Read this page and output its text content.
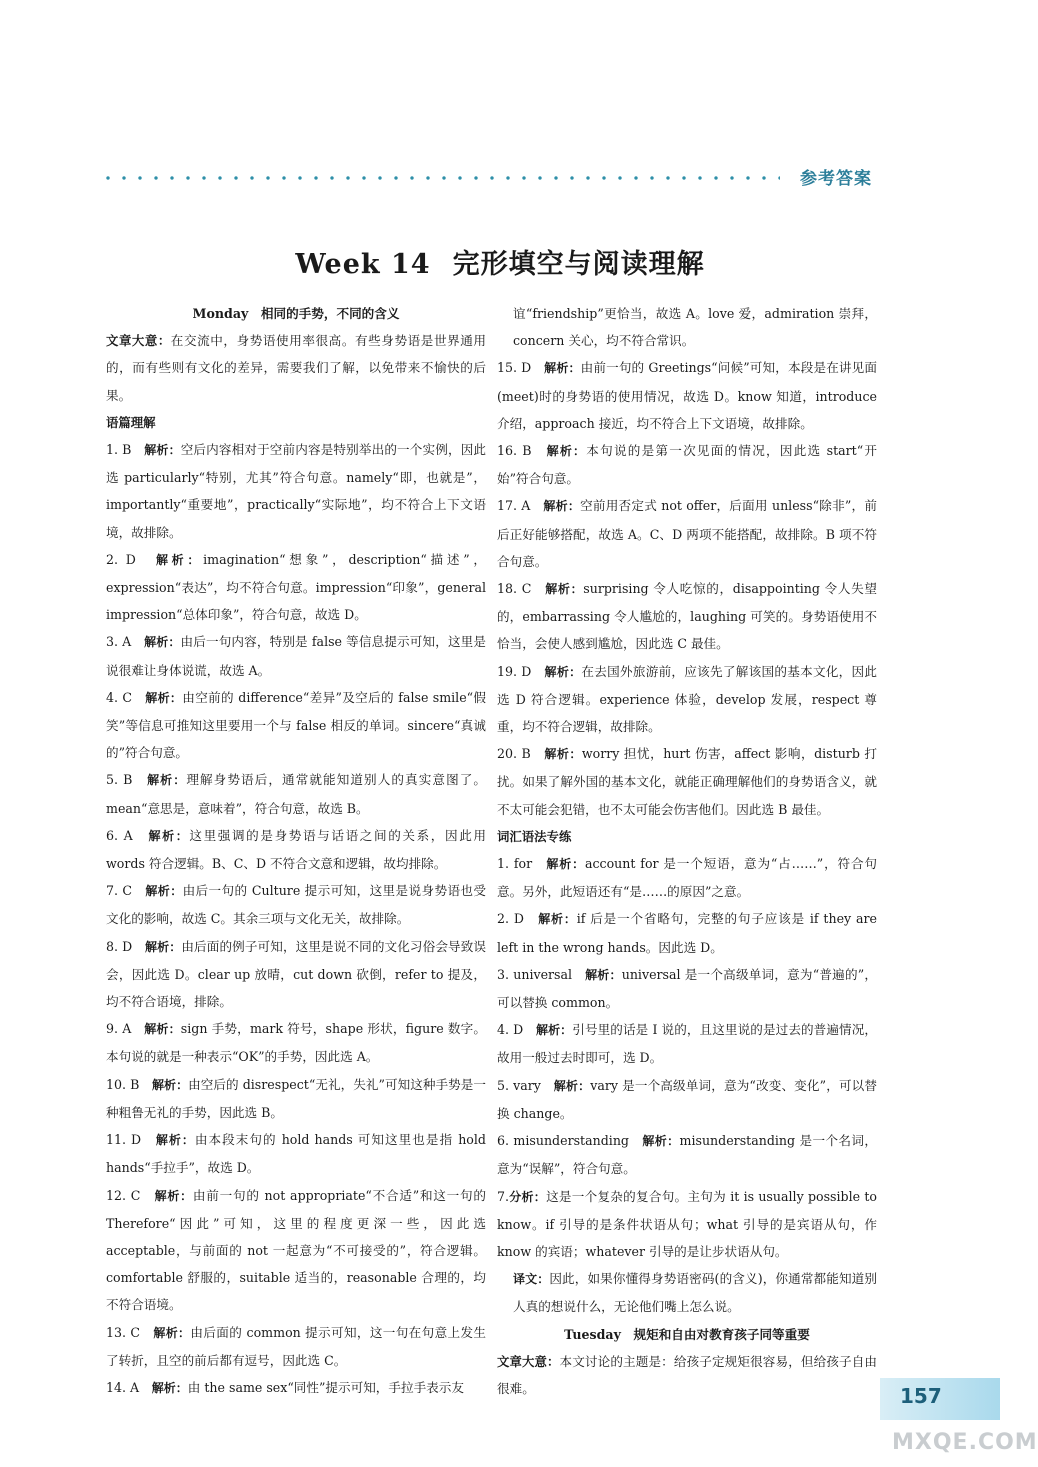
参考答案
Week 14 完形填空与阅读理解
Monday　相同的手势，不同的含义
文章大意：在交流中，身势语使用率很高。有些身势语是世界通用的，而有些则有文化的差异，需要我们了解，以免带来不愉快的后果。
语篇理解
1. B　 解析：空后内容相对于空前内容是特别举出的一个实例，因此选 particularly“特别，尤其”符合句意。namely“即，也就是”，importantly“重要地”，practically“实际地”，均不符合上下文语境，故排除。
2. D　 解析：imagination“想象”，description“描述”，expression“表达”，均不符合句意。impression“印象”，general impression“总体印象”，符合句意，故选 D。
3. A　 解析：由后一句内容，特别是 false 等信息提示可知，这里是说很难让身体说谎，故选 A。
4. C　 解析：由空前的 difference“差异”及空后的 false smile“假笑”等信息可推知这里要用一个与 false 相反的单词。sincere“真诚的”符合句意。
5. B　 解析：理解身势语后，通常就能知道别人的真实意图了。mean“意思是，意味着”，符合句意，故选 B。
6. A　 解析：这里强调的是身势语与话语之间的关系，因此用 words 符合逻辑。B、C、D 不符合文意和逻辑，故均排除。
7. C　 解析：由后一句的 Culture 提示可知，这里是说身势语也受文化的影响，故选 C。其余三项与文化无关，故排除。
8. D　 解析：由后面的例子可知，这里是说不同的文化习俗会导致误会，因此选 D。clear up 放晴，cut down 砍倒，refer to 提及，均不符合语境，排除。
9. A　 解析：sign 手势，mark 符号，shape 形状，figure 数字。本句说的就是一种表示“OK”的手势，因此选 A。
10. B　 解析：由空后的 disrespect“无礼，失礼”可知这种手势是一种粗鲁无礼的手势，因此选 B。
11. D　 解析：由本段末句的 hold hands 可知这里也是指 hold hands“手拉手”，故选 D。
12. C　 解析：由前一句的 not appropriate“不合适”和这一句的 Therefore“因此”可知，这里的程度更深一些，因此选 acceptable，与前面的 not 一起意为“不可接受的”，符合逻辑。comfortable 舒服的，suitable 适当的，reasonable 合理的，均不符合语境。
13. C　 解析：由后面的 common 提示可知，这一句在句意上发生了转折，且空的前后都有逗号，因此选 C。
14. A　 解析：由 the same sex“同性”提示可知，手拉手表示友
谊“friendship”更恰当，故选 A。love 爱，admiration 崇拜，concern 关心，均不符合常识。
15. D　 解析：由前一句的 Greetings“问候”可知，本段是在讲见面(meet)时的身势语的使用情况，故选 D。know 知道，introduce 介绍，approach 接近，均不符合上下文语境，故排除。
16. B　 解析：本句说的是第一次见面的情况，因此选 start“开始”符合句意。
17. A　 解析：空前用否定式 not offer，后面用 unless“除非”，前后正好能够搭配，故选 A。C、D 两项不能搭配，故排除。B 项不符合句意。
18. C　 解析：surprising 令人吃惊的，disappointing 令人失望的，embarrassing 令人尴尬的，laughing 可笑的。身势语使用不恰当，会使人感到尴尬，因此选 C 最佳。
19. D　 解析：在去国外旅游前，应该先了解该国的基本文化，因此选 D 符合逻辑。experience 体验，develop 发展，respect 尊重，均不符合逻辑，故排除。
20. B　 解析：worry 担忧，hurt 伤害，affect 影响，disturb 打扰。如果了解外国的基本文化，就能正确理解他们的身势语含义，就不太可能会犯错，也不太可能会伤害他们。因此选 B 最佳。
词汇语法专练
1. for　 解析：account for 是一个短语，意为“占……”，符合句意。另外，此短语还有“是……的原因”之意。
2. D　 解析：if 后是一个省略句，完整的句子应该是 if they are left in the wrong hands。因此选 D。
3. universal　 解析：universal 是一个高级单词，意为“普遍的”，可以替换 common。
4. D　 解析：引号里的话是 I 说的，且这里说的是过去的普遍情况，故用一般过去时即可，选 D。
5. vary　 解析：vary 是一个高级单词，意为“改变、变化”，可以替换 change。
6. misunderstanding　 解析：misunderstanding 是一个名词，意为“误解”，符合句意。
7.分析：这是一个复杂的复合句。主句为 it is usually possible to know。if 引导的是条件状语从句；what 引导的是宾语从句，作 know 的宾语；whatever 引导的是让步状语从句。
译文：因此，如果你懂得身势语密码(的含义)，你通常都能知道别人真的想说什么，无论他们嘴上怎么说。
Tuesday　规矩和自由对教育孩子同等重要
文章大意：本文讨论的主题是：给孩子定规矩很容易，但给孩子自由很难。	157
MXQE.COM
